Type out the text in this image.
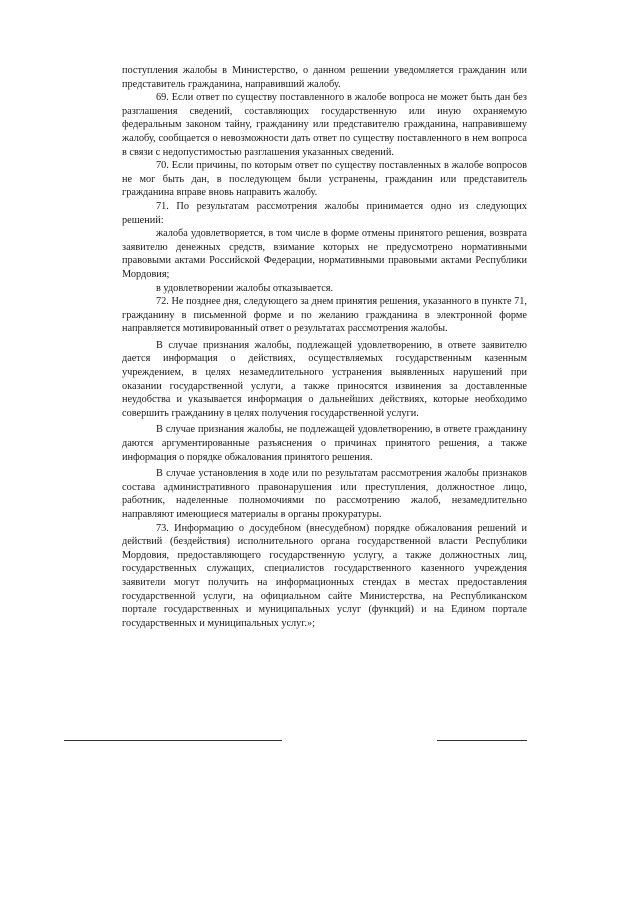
поступления жалобы в Министерство, о данном решении уведомляется гражданин или представитель гражданина, направивший жалобу.

69. Если ответ по существу поставленного в жалобе вопроса не может быть дан без разглашения сведений, составляющих государственную или иную охраняемую федеральным законом тайну, гражданину или представителю гражданина, направившему жалобу, сообщается о невозможности дать ответ по существу поставленного в нем вопроса в связи с недопустимостью разглашения указанных сведений.

70. Если причины, по которым ответ по существу поставленных в жалобе вопросов не мог быть дан, в последующем были устранены, гражданин или представитель гражданина вправе вновь направить жалобу.

71. По результатам рассмотрения жалобы принимается одно из следующих решений:

жалоба удовлетворяется, в том числе в форме отмены принятого решения, возврата заявителю денежных средств, взимание которых не предусмотрено нормативными правовыми актами Российской Федерации, нормативными правовыми актами Республики Мордовия;

в удовлетворении жалобы отказывается.

72. Не позднее дня, следующего за днем принятия решения, указанного в пункте 71, гражданину в письменной форме и по желанию гражданина в электронной форме направляется мотивированный ответ о результатах рассмотрения жалобы.

В случае признания жалобы, подлежащей удовлетворению, в ответе заявителю дается информация о действиях, осуществляемых государственным казенным учреждением, в целях незамедлительного устранения выявленных нарушений при оказании государственной услуги, а также приносятся извинения за доставленные неудобства и указывается информация о дальнейших действиях, которые необходимо совершить гражданину в целях получения государственной услуги.

В случае признания жалобы, не подлежащей удовлетворению, в ответе гражданину даются аргументированные разъяснения о причинах принятого решения, а также информация о порядке обжалования принятого решения.

В случае установления в ходе или по результатам рассмотрения жалобы признаков состава административного правонарушения или преступления, должностное лицо, работник, наделенные полномочиями по рассмотрению жалоб, незамедлительно направляют имеющиеся материалы в органы прокуратуры.

73. Информацию о досудебном (внесудебном) порядке обжалования решений и действий (бездействия) исполнительного органа государственной власти Республики Мордовия, предоставляющего государственную услугу, а также должностных лиц, государственных служащих, специалистов государственного казенного учреждения заявители могут получить на информационных стендах в местах предоставления государственной услуги, на официальном сайте Министерства, на Республиканском портале государственных и муниципальных услуг (функций) и на Едином портале государственных и муниципальных услуг.»;
